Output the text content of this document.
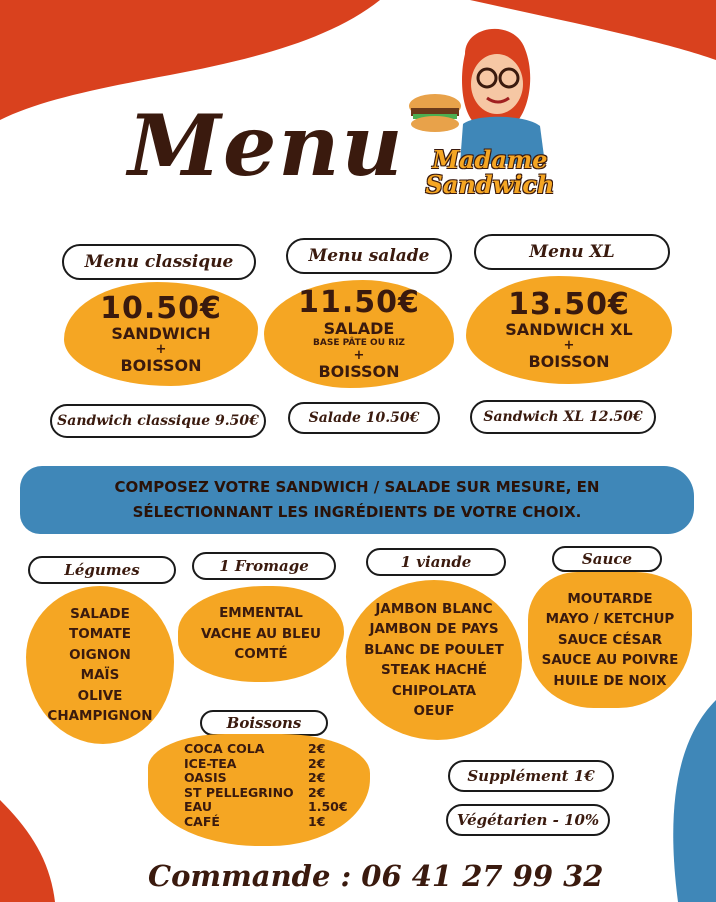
Menu	Madame
Sandwich
Menu classique	Menu salade	Menu XL
10.50€
SANDWICH
+
BOISSON
11.50€
SALADE
BASE PÂTE OU RIZ
+
BOISSON
13.50€
SANDWICH XL
+
BOISSON
Sandwich classique 9.50€	Salade 10.50€	Sandwich XL 12.50€
COMPOSEZ VOTRE SANDWICH / SALADE SUR MESURE, EN
SÉLECTIONNANT LES INGRÉDIENTS DE VOTRE CHOIX.
Légumes	1 Fromage	1 viande	Sauce
SALADE
TOMATE
OIGNON
MAÏS
OLIVE
CHAMPIGNON
EMMENTAL
VACHE AU BLEU
COMTÉ
JAMBON BLANC
JAMBON DE PAYS
BLANC DE POULET
STEAK HACHÉ
CHIPOLATA
OEUF
MOUTARDE
MAYO / KETCHUP
SAUCE CÉSAR
SAUCE AU POIVRE
HUILE DE NOIX
Boissons
COCA COLA	2€
ICE-TEA	2€
OASIS	2€
ST PELLEGRINO	2€
EAU	1.50€
CAFÉ	1€
Supplément 1€
Végétarien - 10%
Commande : 06 41 27 99 32
